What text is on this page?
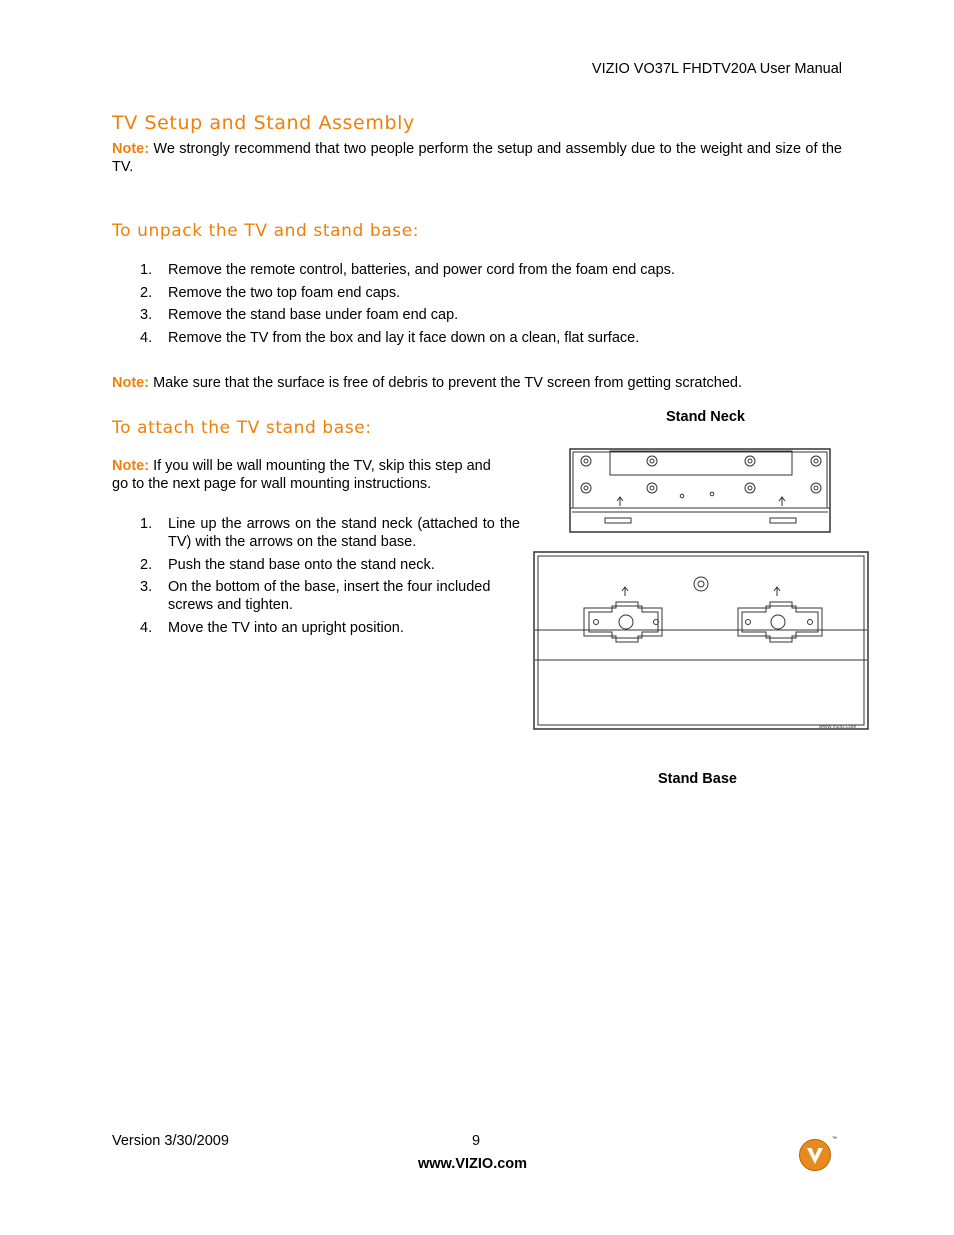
VIZIO VO37L FHDTV20A User Manual
TV Setup and Stand Assembly
Note: We strongly recommend that two people perform the setup and assembly due to the weight and size of the TV.
To unpack the TV and stand base:
1. Remove the remote control, batteries, and power cord from the foam end caps.
2. Remove the two top foam end caps.
3. Remove the stand base under foam end cap.
4. Remove the TV from the box and lay it face down on a clean, flat surface.
Note: Make sure that the surface is free of debris to prevent the TV screen from getting scratched.
To attach the TV stand base:
Note: If you will be wall mounting the TV, skip this step and go to the next page for wall mounting instructions.
1. Line up the arrows on the stand neck (attached to the TV) with the arrows on the stand base.
2. Push the stand base onto the stand neck.
3. On the bottom of the base, insert the four included screws and tighten.
4. Move the TV into an upright position.
Stand Neck
Stand Base
WWW.VIZIO.COM
Version 3/30/2009	9
www.VIZIO.com
™
